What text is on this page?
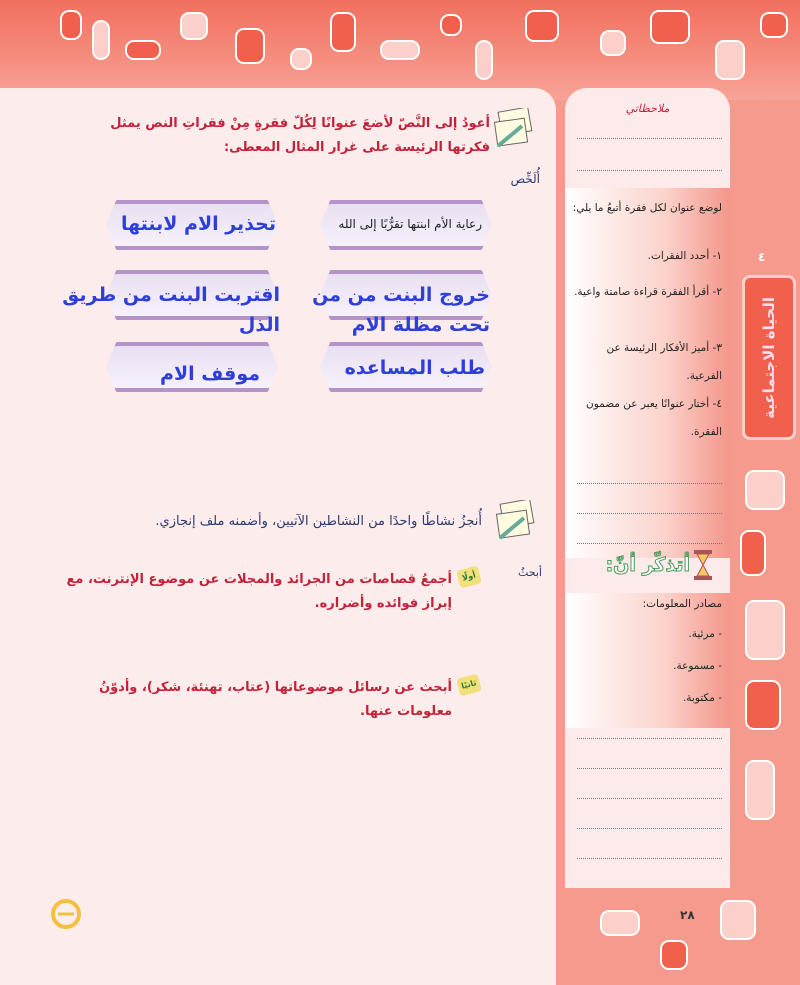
أعودُ إلى النَّصّ لأضعَ عنوانًا لِكُلّ فقرةٍ مِنْ فقراتِ النص يمثل فكرتها الرئيسة على غرار المثال المعطى:
أُلَخِّص
رعاية الأم ابنتها تقرُّبًا إلى الله
تحذير الام لابنتها
خروج البنت من من تحت مظلة الام
اقتربت البنت من طريق الذل
طلب المساعده
موقف الام
أُنجزُ نشاطًا واحدًا من النشاطين الآتيين، وأضمنه ملف إنجازي.
أبحثُ
أولًا
أجمعُ قصاصات من الجرائد والمجلات عن موضوع الإنترنت، مع إبراز فوائده وأضراره.
ثانيًا
أبحث عن رسائل موضوعاتها (عتاب، تهنئة، شكر)، وأدوّنُ معلومات عنها.
ملاحظاتي
لوضع عنوان لكل فقرة أتبعُ ما يلي:
١- أحدد الفقرات.
٢- أقرأ الفقرة قراءة صامتة واعية.
٣- أميز الأفكار الرئيسة عن الفرعية.
٤- أختار عنوانًا يعبر عن مضمون الفقرة.
أتذكّر أنّ:
مصادر المعلومات:
- مرئية.
- مسموعة.
- مكتوبة.
٤
الحياة الاجتماعية
٢٨
